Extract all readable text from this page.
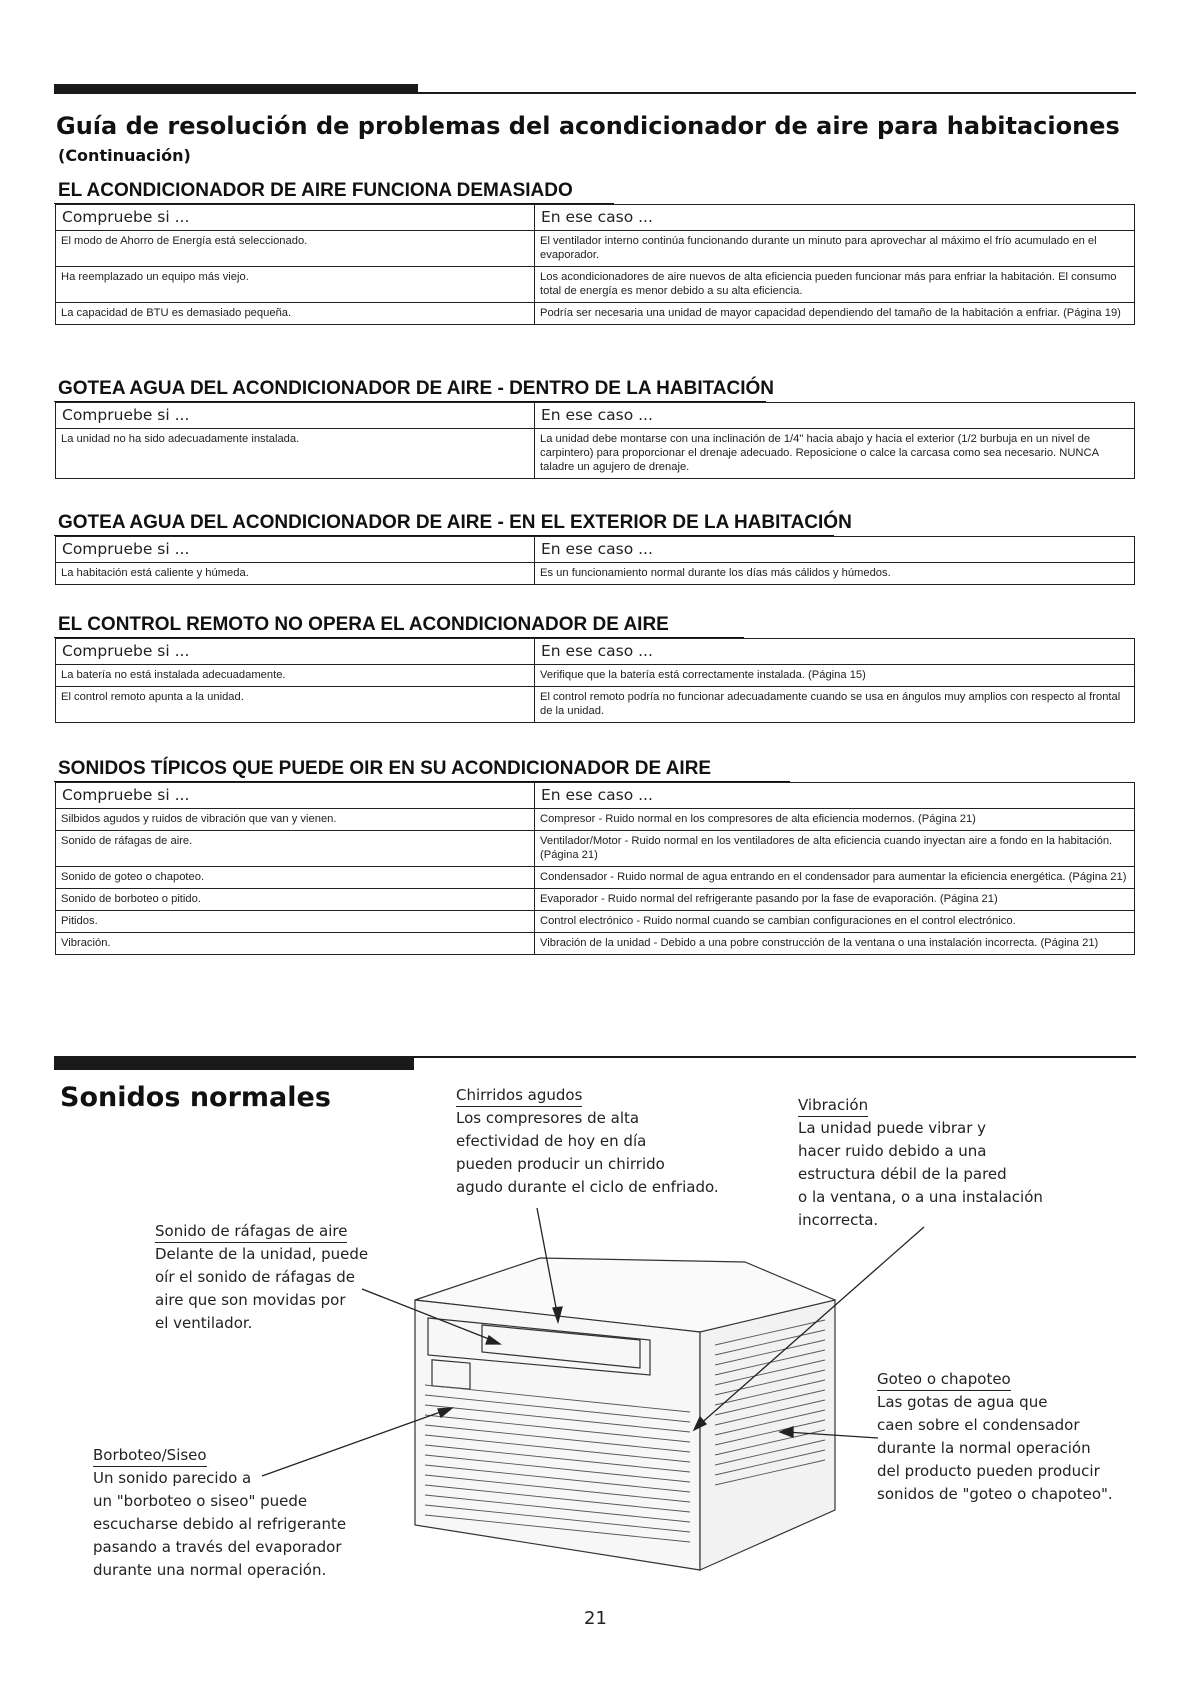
Guía de resolución de problemas del acondicionador de aire para habitaciones
(Continuación)
EL ACONDICIONADOR DE AIRE FUNCIONA DEMASIADO
Compruebe si ...	En ese caso ...
El modo de Ahorro de Energía está seleccionado.	El ventilador interno continúa funcionando durante un minuto para aprovechar al máximo el frío acumulado en el evaporador.
Ha reemplazado un equipo más viejo.	Los acondicionadores de aire nuevos de alta eficiencia pueden funcionar más para enfriar la habitación. El consumo total de energía es menor debido a su alta eficiencia.
La capacidad de BTU es demasiado pequeña.	Podría ser necesaria una unidad de mayor capacidad dependiendo del tamaño de la habitación a enfriar. (Página 19)
GOTEA AGUA DEL ACONDICIONADOR DE AIRE - DENTRO DE LA HABITACIÓN
Compruebe si ...	En ese caso ...
La unidad no ha sido adecuadamente instalada.	La unidad debe montarse con una inclinación de 1/4" hacia abajo y hacia el exterior (1/2 burbuja en un nivel de carpintero) para proporcionar el drenaje adecuado. Reposicione o calce la carcasa como sea necesario. NUNCA taladre un agujero de drenaje.
GOTEA AGUA DEL ACONDICIONADOR DE AIRE - EN EL EXTERIOR DE LA HABITACIÓN
Compruebe si ...	En ese caso ...
La habitación está caliente y húmeda.	Es un funcionamiento normal durante los días más cálidos y húmedos.
EL CONTROL REMOTO NO OPERA EL ACONDICIONADOR DE AIRE
Compruebe si ...	En ese caso ...
La batería no está instalada adecuadamente.	Verifique que la batería está correctamente instalada. (Página 15)
El control remoto apunta a la unidad.	El control remoto podría no funcionar adecuadamente cuando se usa en ángulos muy amplios con respecto al frontal de la unidad.
SONIDOS TÍPICOS QUE PUEDE OIR EN SU ACONDICIONADOR DE AIRE
Compruebe si ...	En ese caso ...
Silbidos agudos y ruidos de vibración que van y vienen.	Compresor - Ruido normal en los compresores de alta eficiencia modernos. (Página 21)
Sonido de ráfagas de aire.	Ventilador/Motor - Ruido normal en los ventiladores de alta eficiencia cuando inyectan aire a fondo en la habitación. (Página 21)
Sonido de goteo o chapoteo.	Condensador - Ruido normal de agua entrando en el condensador para aumentar la eficiencia energética. (Página 21)
Sonido de borboteo o pitido.	Evaporador - Ruido normal del refrigerante pasando por la fase de evaporación. (Página 21)
Pitidos.	Control electrónico - Ruido normal cuando se cambian configuraciones en el control electrónico.
Vibración.	Vibración de la unidad - Debido a una pobre construcción de la ventana o una instalación incorrecta. (Página 21)
Sonidos normales	Chirridos agudos
Los compresores de alta
efectividad de hoy en día
pueden producir un chirrido
agudo durante el ciclo de enfriado.
Vibración
La unidad puede vibrar y
hacer ruido debido a una
estructura débil de la pared
o la ventana, o a una instalación
incorrecta.
Sonido de ráfagas de aire
Delante de la unidad, puede
oír el sonido de ráfagas de
aire que son movidas por
el ventilador.
Goteo o chapoteo
Las gotas de agua que
caen sobre el condensador
durante la normal operación
del producto pueden producir
sonidos de "goteo o chapoteo".
Borboteo/Siseo
Un sonido parecido a
un "borboteo o siseo" puede
escucharse debido al refrigerante
pasando a través del evaporador
durante una normal operación.
21
